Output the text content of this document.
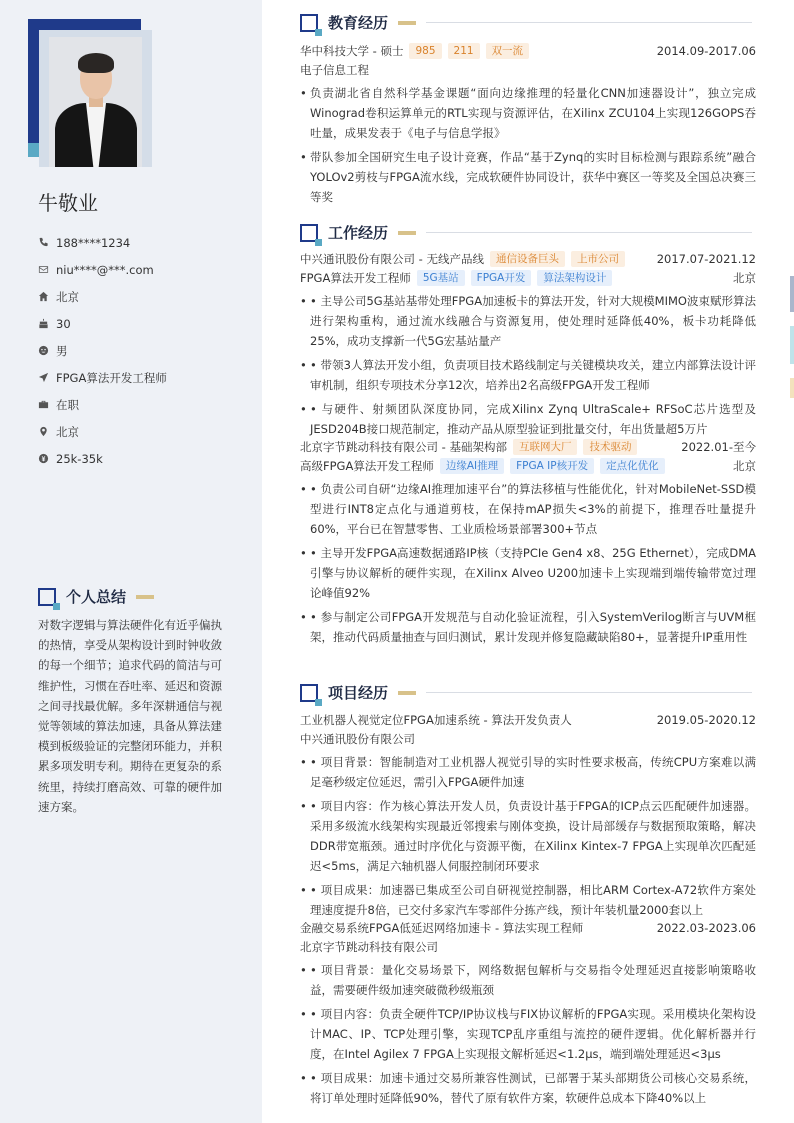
牛敬业
188****1234
niu****@***.com
北京
30
男
FPGA算法开发工程师
在职
北京
25k-35k
个人总结
对数字逻辑与算法硬件化有近乎偏执的热情，享受从架构设计到时钟收敛的每一个细节；追求代码的简洁与可维护性，习惯在吞吐率、延迟和资源之间寻找最优解。多年深耕通信与视觉等领域的算法加速，具备从算法建模到板级验证的完整闭环能力，并积累多项发明专利。期待在更复杂的系统里，持续打磨高效、可靠的硬件加速方案。
教育经历
华中科技大学 - 硕士	985	211	双一流	2014.09-2017.06
电子信息工程
• 负责湖北省自然科学基金课题“面向边缘推理的轻量化CNN加速器设计”，独立完成Winograd卷积运算单元的RTL实现与资源评估，在Xilinx ZCU104上实现126GOPS吞吐量，成果发表于《电子与信息学报》
• 带队参加全国研究生电子设计竞赛，作品“基于Zynq的实时目标检测与跟踪系统”融合YOLOv2剪枝与FPGA流水线，完成软硬件协同设计，获华中赛区一等奖及全国总决赛三等奖
工作经历
中兴通讯股份有限公司 - 无线产品线	通信设备巨头	上市公司	2017.07-2021.12
FPGA算法开发工程师	5G基站	FPGA开发	算法架构设计	北京
• • 主导公司5G基站基带处理FPGA加速板卡的算法开发，针对大规模MIMO波束赋形算法进行架构重构，通过流水线融合与资源复用，使处理时延降低40%，板卡功耗降低25%，成功支撑新一代5G宏基站量产
• • 带领3人算法开发小组，负责项目技术路线制定与关键模块攻关，建立内部算法设计评审机制，组织专项技术分享12次，培养出2名高级FPGA开发工程师
• • 与硬件、射频团队深度协同，完成Xilinx Zynq UltraScale+ RFSoC芯片选型及JESD204B接口规范制定，推动产品从原型验证到批量交付，年出货量超5万片
北京字节跳动科技有限公司 - 基础架构部	互联网大厂	技术驱动	2022.01-至今
高级FPGA算法开发工程师	边缘AI推理	FPGA IP核开发	定点化优化	北京
• • 负责公司自研“边缘AI推理加速平台”的算法移植与性能优化，针对MobileNet-SSD模型进行INT8定点化与通道剪枝，在保持mAP损失<3%的前提下，推理吞吐量提升60%，平台已在智慧零售、工业质检场景部署300+节点
• • 主导开发FPGA高速数据通路IP核（支持PCIe Gen4 x8、25G Ethernet），完成DMA引擎与协议解析的硬件实现，在Xilinx Alveo U200加速卡上实现端到端传输带宽过理论峰值92%
• • 参与制定公司FPGA开发规范与自动化验证流程，引入SystemVerilog断言与UVM框架，推动代码质量抽查与回归测试，累计发现并修复隐藏缺陷80+，显著提升IP重用性
项目经历
工业机器人视觉定位FPGA加速系统 - 算法开发负责人	2019.05-2020.12
中兴通讯股份有限公司
• • 项目背景：智能制造对工业机器人视觉引导的实时性要求极高，传统CPU方案难以满足毫秒级定位延迟，需引入FPGA硬件加速
• • 项目内容：作为核心算法开发人员，负责设计基于FPGA的ICP点云匹配硬件加速器。采用多级流水线架构实现最近邻搜索与刚体变换，设计局部缓存与数据预取策略，解决DDR带宽瓶颈。通过时序优化与资源平衡，在Xilinx Kintex-7 FPGA上实现单次匹配延迟<5ms，满足六轴机器人伺服控制闭环要求
• • 项目成果：加速器已集成至公司自研视觉控制器，相比ARM Cortex-A72软件方案处理速度提升8倍，已交付多家汽车零部件分拣产线，预计年装机量2000套以上
金融交易系统FPGA低延迟网络加速卡 - 算法实现工程师	2022.03-2023.06
北京字节跳动科技有限公司
• • 项目背景：量化交易场景下，网络数据包解析与交易指令处理延迟直接影响策略收益，需要硬件级加速突破微秒级瓶颈
• • 项目内容：负责全硬件TCP/IP协议栈与FIX协议解析的FPGA实现。采用模块化架构设计MAC、IP、TCP处理引擎，实现TCP乱序重组与流控的硬件逻辑。优化解析器并行度，在Intel Agilex 7 FPGA上实现报文解析延迟<1.2μs，端到端处理延迟<3μs
• • 项目成果：加速卡通过交易所兼容性测试，已部署于某头部期货公司核心交易系统，将订单处理时延降低90%，替代了原有软件方案，软硬件总成本下降40%以上
